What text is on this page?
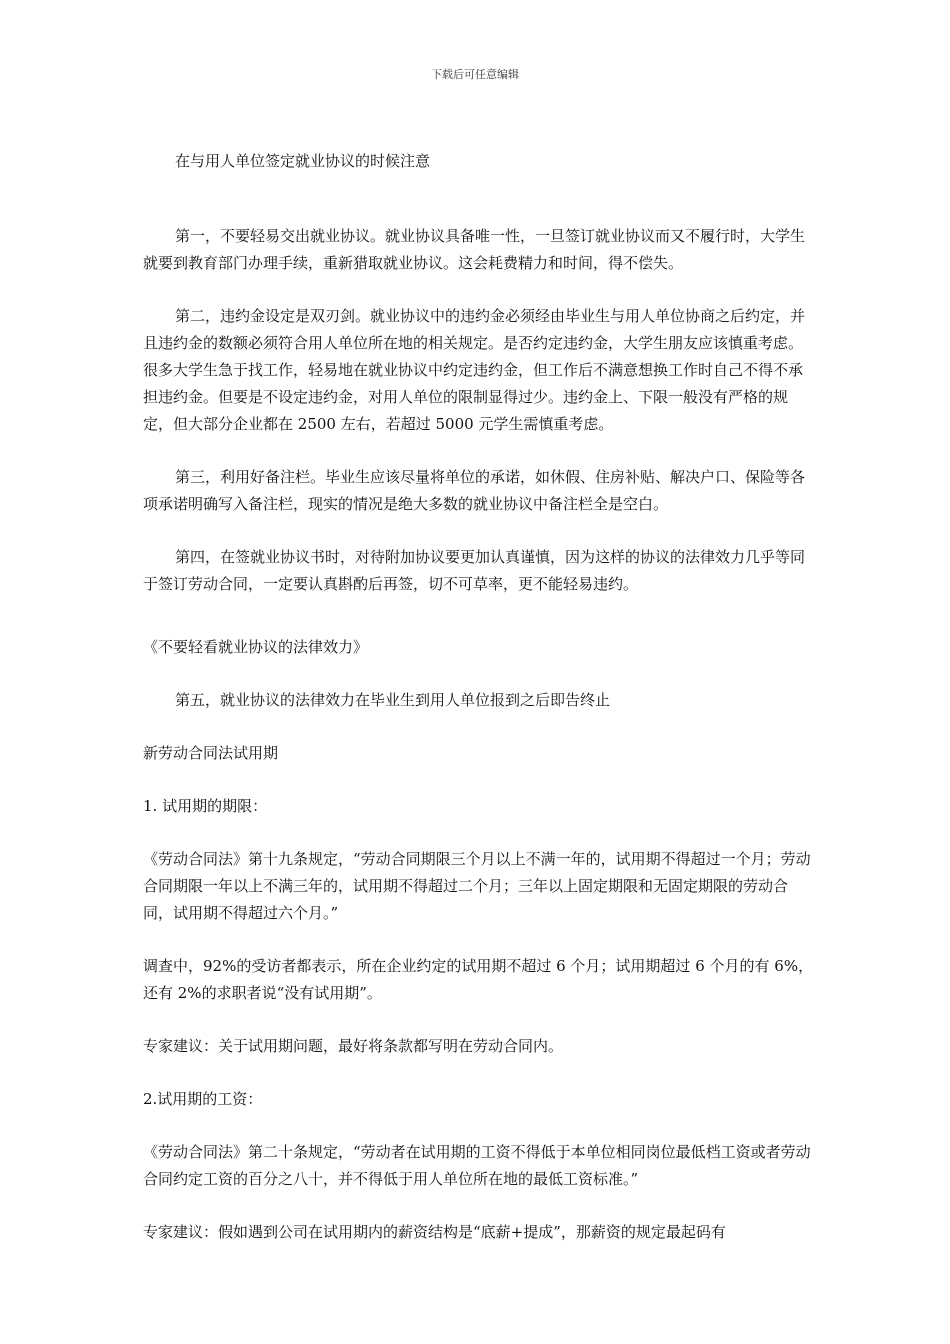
下载后可任意编辑

在与用人单位签定就业协议的时候注意

第一，不要轻易交出就业协议。就业协议具备唯一性，一旦签订就业协议而又不履行时，大学生就要到教育部门办理手续，重新猎取就业协议。这会耗费精力和时间，得不偿失。

第二，违约金设定是双刃剑。就业协议中的违约金必须经由毕业生与用人单位协商之后约定，并且违约金的数额必须符合用人单位所在地的相关规定。是否约定违约金，大学生朋友应该慎重考虑。很多大学生急于找工作，轻易地在就业协议中约定违约金，但工作后不满意想换工作时自己不得不承担违约金。但要是不设定违约金，对用人单位的限制显得过少。违约金上、下限一般没有严格的规定，但大部分企业都在 2500 左右，若超过 5000 元学生需慎重考虑。

第三，利用好备注栏。毕业生应该尽量将单位的承诺，如休假、住房补贴、解决户口、保险等各项承诺明确写入备注栏，现实的情况是绝大多数的就业协议中备注栏全是空白。

第四，在签就业协议书时，对待附加协议要更加认真谨慎，因为这样的协议的法律效力几乎等同于签订劳动合同，一定要认真斟酌后再签，切不可草率，更不能轻易违约。

《不要轻看就业协议的法律效力》

第五，就业协议的法律效力在毕业生到用人单位报到之后即告终止

新劳动合同法试用期

1. 试用期的期限：

《劳动合同法》第十九条规定，“劳动合同期限三个月以上不满一年的，试用期不得超过一个月；劳动合同期限一年以上不满三年的，试用期不得超过二个月；三年以上固定期限和无固定期限的劳动合同，试用期不得超过六个月。”

调查中，92%的受访者都表示，所在企业约定的试用期不超过 6 个月；试用期超过 6 个月的有 6%，还有 2%的求职者说“没有试用期”。

专家建议：关于试用期问题，最好将条款都写明在劳动合同内。

2.试用期的工资：

《劳动合同法》第二十条规定，“劳动者在试用期的工资不得低于本单位相同岗位最低档工资或者劳动合同约定工资的百分之八十，并不得低于用人单位所在地的最低工资标准。”

专家建议：假如遇到公司在试用期内的薪资结构是“底薪+提成”，那薪资的规定最起码有
